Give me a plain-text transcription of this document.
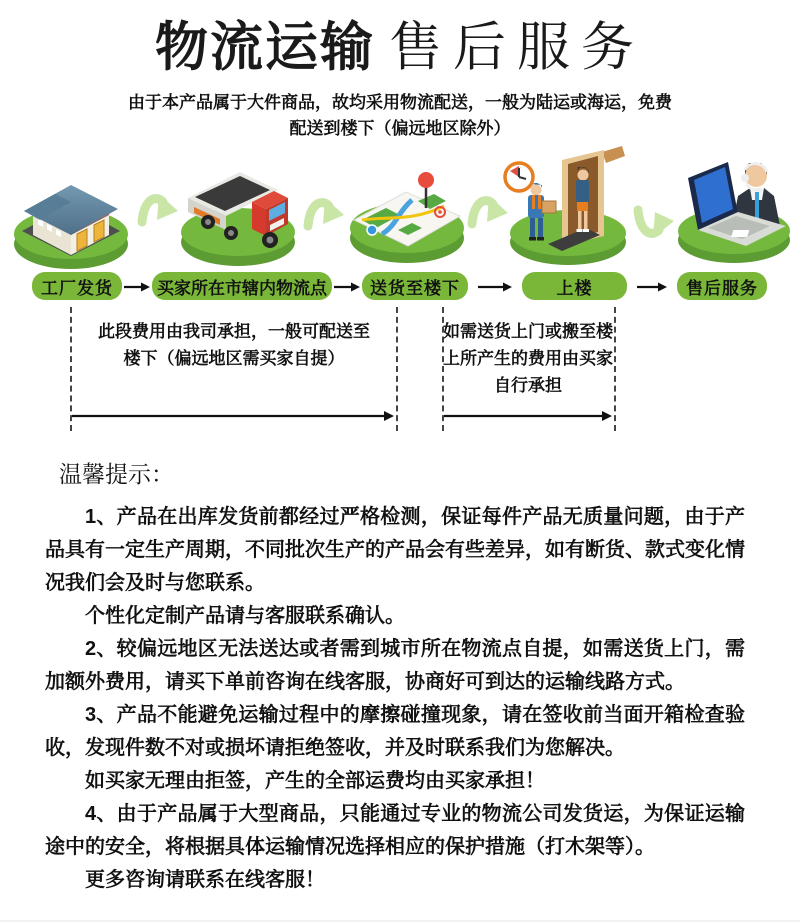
物流运输 售后服务
由于本产品属于大件商品，故均采用物流配送，一般为陆运或海运，免费
配送到楼下（偏远地区除外）
工厂发货	买家所在市辖内物流点	送货至楼下	上楼	售后服务
此段费用由我司承担，一般可配送至
楼下（偏远地区需买家自提）
如需送货上门或搬至楼
上所产生的费用由买家
自行承担
温馨提示：

1、产品在出库发货前都经过严格检测，保证每件产品无质量问题，由于产品具有一定生产周期，不同批次生产的产品会有些差异，如有断货、款式变化情况我们会及时与您联系。

个性化定制产品请与客服联系确认。

2、较偏远地区无法送达或者需到城市所在物流点自提，如需送货上门，需加额外费用，请买下单前咨询在线客服，协商好可到达的运输线路方式。

3、产品不能避免运输过程中的摩擦碰撞现象，请在签收前当面开箱检查验收，发现件数不对或损坏请拒绝签收，并及时联系我们为您解决。

如买家无理由拒签，产生的全部运费均由买家承担！

4、由于产品属于大型商品，只能通过专业的物流公司发货运，为保证运输途中的安全，将根据具体运输情况选择相应的保护措施（打木架等）。

更多咨询请联系在线客服！
